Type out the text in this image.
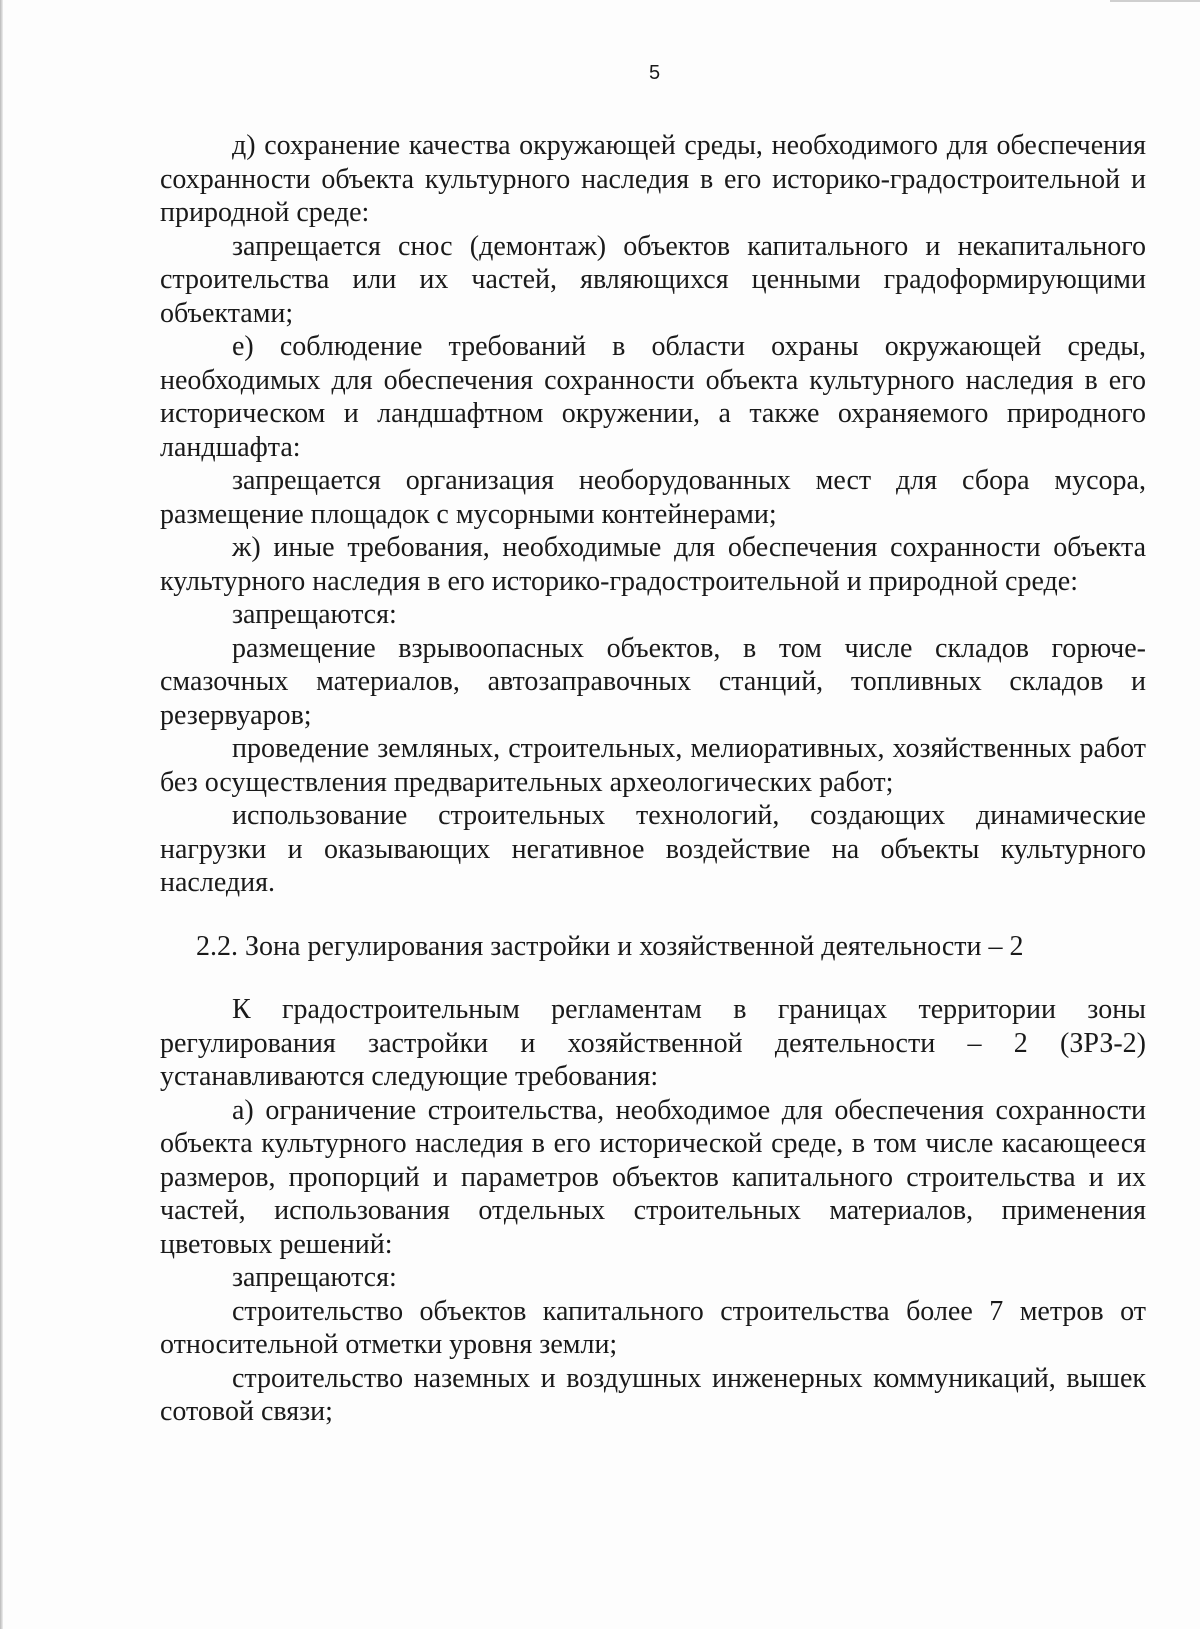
5

д) сохранение качества окружающей среды, необходимого для обеспечения сохранности объекта культурного наследия в его историко-градостроительной и природной среде:

запрещается снос (демонтаж) объектов капитального и некапитального строительства или их частей, являющихся ценными градоформирующими объектами;

е) соблюдение требований в области охраны окружающей среды, необходимых для обеспечения сохранности объекта культурного наследия в его историческом и ландшафтном окружении, а также охраняемого природного ландшафта:

запрещается организация необорудованных мест для сбора мусора, размещение площадок с мусорными контейнерами;

ж) иные требования, необходимые для обеспечения сохранности объекта культурного наследия в его историко-градостроительной и природной среде:

запрещаются:

размещение взрывоопасных объектов, в том числе складов горюче-смазочных материалов, автозаправочных станций, топливных складов и резервуаров;

проведение земляных, строительных, мелиоративных, хозяйственных работ без осуществления предварительных археологических работ;

использование строительных технологий, создающих динамические нагрузки и оказывающих негативное воздействие на объекты культурного наследия.

2.2. Зона регулирования застройки и хозяйственной деятельности – 2

К градостроительным регламентам в границах территории зоны регулирования застройки и хозяйственной деятельности – 2 (ЗРЗ-2) устанавливаются следующие требования:

а) ограничение строительства, необходимое для обеспечения сохранности объекта культурного наследия в его исторической среде, в том числе касающееся размеров, пропорций и параметров объектов капитального строительства и их частей, использования отдельных строительных материалов, применения цветовых решений:

запрещаются:

строительство объектов капитального строительства более 7 метров от относительной отметки уровня земли;

строительство наземных и воздушных инженерных коммуникаций, вышек сотовой связи;
